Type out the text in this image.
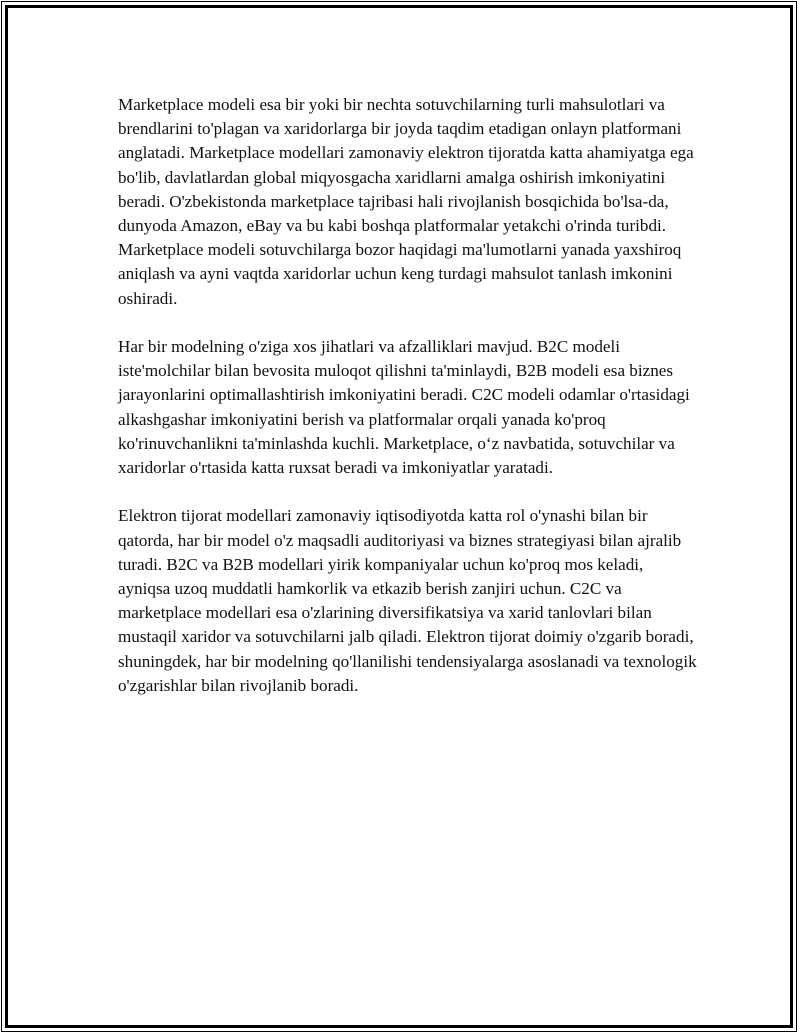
Marketplace modeli esa bir yoki bir nechta sotuvchilarning turli mahsulotlari va brendlarini to'plagan va xaridorlarga bir joyda taqdim etadigan onlayn platformani anglatadi. Marketplace modellari zamonaviy elektron tijoratda katta ahamiyatga ega bo'lib, davlatlardan global miqyosgacha xaridlarni amalga oshirish imkoniyatini beradi. O'zbekistonda marketplace tajribasi hali rivojlanish bosqichida bo'lsa-da, dunyoda Amazon, eBay va bu kabi boshqa platformalar yetakchi o'rinda turibdi. Marketplace modeli sotuvchilarga bozor haqidagi ma'lumotlarni yanada yaxshiroq aniqlash va ayni vaqtda xaridorlar uchun keng turdagi mahsulot tanlash imkonini oshiradi.

Har bir modelning o'ziga xos jihatlari va afzalliklari mavjud. B2C modeli iste'molchilar bilan bevosita muloqot qilishni ta'minlaydi, B2B modeli esa biznes jarayonlarini optimallashtirish imkoniyatini beradi. C2C modeli odamlar o'rtasidagi alkashgashar imkoniyatini berish va platformalar orqali yanada ko'proq ko'rinuvchanlikni ta'minlashda kuchli. Marketplace, o‘z navbatida, sotuvchilar va xaridorlar o'rtasida katta ruxsat beradi va imkoniyatlar yaratadi.

Elektron tijorat modellari zamonaviy iqtisodiyotda katta rol o'ynashi bilan bir qatorda, har bir model o'z maqsadli auditoriyasi va biznes strategiyasi bilan ajralib turadi. B2C va B2B modellari yirik kompaniyalar uchun ko'proq mos keladi, ayniqsa uzoq muddatli hamkorlik va etkazib berish zanjiri uchun. C2C va marketplace modellari esa o'zlarining diversifikatsiya va xarid tanlovlari bilan mustaqil xaridor va sotuvchilarni jalb qiladi. Elektron tijorat doimiy o'zgarib boradi, shuningdek, har bir modelning qo'llanilishi tendensiyalarga asoslanadi va texnologik o'zgarishlar bilan rivojlanib boradi.
